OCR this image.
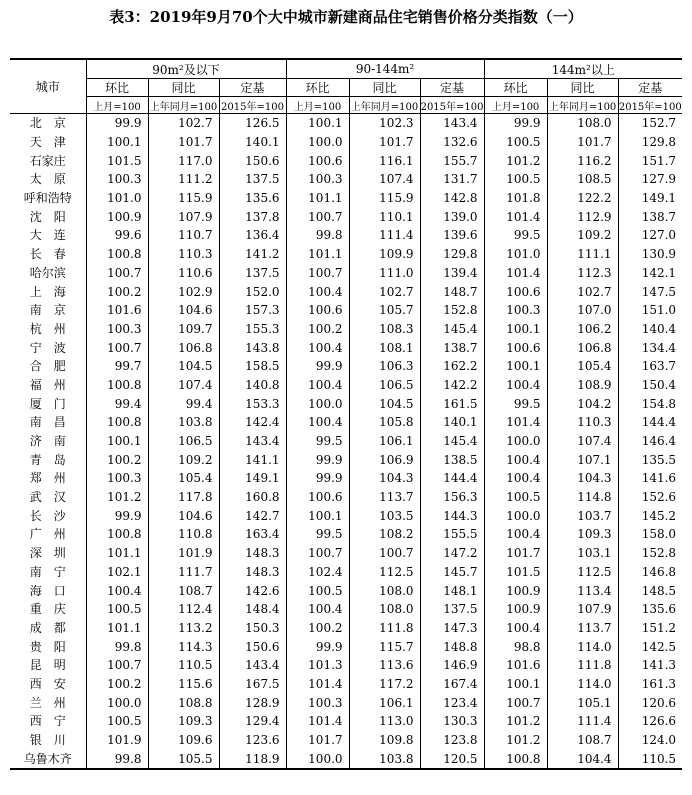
表3：2019年9月70个大中城市新建商品住宅销售价格分类指数（一）
城市	90m²及以下			90-144m²			144m²以上		
	环比	同比	定基	环比	同比	定基	环比	同比	定基
	上月=100	上年同月=100	2015年=100	上月=100	上年同月=100	2015年=100	上月=100	上年同月=100	2015年=100
北　京	99.9	102.7	126.5	100.1	102.3	143.4	99.9	108.0	152.7
天　津	100.1	101.7	140.1	100.0	101.7	132.6	100.5	101.7	129.8
石家庄	101.5	117.0	150.6	100.6	116.1	155.7	101.2	116.2	151.7
太　原	100.3	111.2	137.5	100.3	107.4	131.7	100.5	108.5	127.9
呼和浩特	101.0	115.9	135.6	101.1	115.9	142.8	101.8	122.2	149.1
沈　阳	100.9	107.9	137.8	100.7	110.1	139.0	101.4	112.9	138.7
大　连	99.6	110.7	136.4	99.8	111.4	139.6	99.5	109.2	127.0
长　春	100.8	110.3	141.2	101.1	109.9	129.8	101.0	111.1	130.9
哈尔滨	100.7	110.6	137.5	100.7	111.0	139.4	101.4	112.3	142.1
上　海	100.2	102.9	152.0	100.4	102.7	148.7	100.6	102.7	147.5
南　京	101.6	104.6	157.3	100.6	105.7	152.8	100.3	107.0	151.0
杭　州	100.3	109.7	155.3	100.2	108.3	145.4	100.1	106.2	140.4
宁　波	100.7	106.8	143.8	100.4	108.1	138.7	100.6	106.8	134.4
合　肥	99.7	104.5	158.5	99.9	106.3	162.2	100.1	105.4	163.7
福　州	100.8	107.4	140.8	100.4	106.5	142.2	100.4	108.9	150.4
厦　门	99.4	99.4	153.3	100.0	104.5	161.5	99.5	104.2	154.8
南　昌	100.8	103.8	142.4	100.4	105.8	140.1	101.4	110.3	144.4
济　南	100.1	106.5	143.4	99.5	106.1	145.4	100.0	107.4	146.4
青　岛	100.2	109.2	141.1	99.9	106.9	138.5	100.4	107.1	135.5
郑　州	100.3	105.4	149.1	99.9	104.3	144.4	100.4	104.3	141.6
武　汉	101.2	117.8	160.8	100.6	113.7	156.3	100.5	114.8	152.6
长　沙	99.9	104.6	142.7	100.1	103.5	144.3	100.0	103.7	145.2
广　州	100.8	110.8	163.4	99.5	108.2	155.5	100.4	109.3	158.0
深　圳	101.1	101.9	148.3	100.7	100.7	147.2	101.7	103.1	152.8
南　宁	102.1	111.7	148.3	102.4	112.5	145.7	101.5	112.5	146.8
海　口	100.4	108.7	142.6	100.5	108.0	148.1	100.9	113.4	148.5
重　庆	100.5	112.4	148.4	100.4	108.0	137.5	100.9	107.9	135.6
成　都	101.1	113.2	150.3	100.2	111.8	147.3	100.4	113.7	151.2
贵　阳	99.8	114.3	150.6	99.9	115.7	148.8	98.8	114.0	142.5
昆　明	100.7	110.5	143.4	101.3	113.6	146.9	101.6	111.8	141.3
西　安	100.2	115.6	167.5	101.4	117.2	167.4	100.1	114.0	161.3
兰　州	100.0	108.8	128.9	100.3	106.1	123.4	100.7	105.1	120.6
西　宁	100.5	109.3	129.4	101.4	113.0	130.3	101.2	111.4	126.6
银　川	101.9	109.6	123.6	101.7	109.8	123.8	101.2	108.7	124.0
乌鲁木齐	99.8	105.5	118.9	100.0	103.8	120.5	100.8	104.4	110.5
